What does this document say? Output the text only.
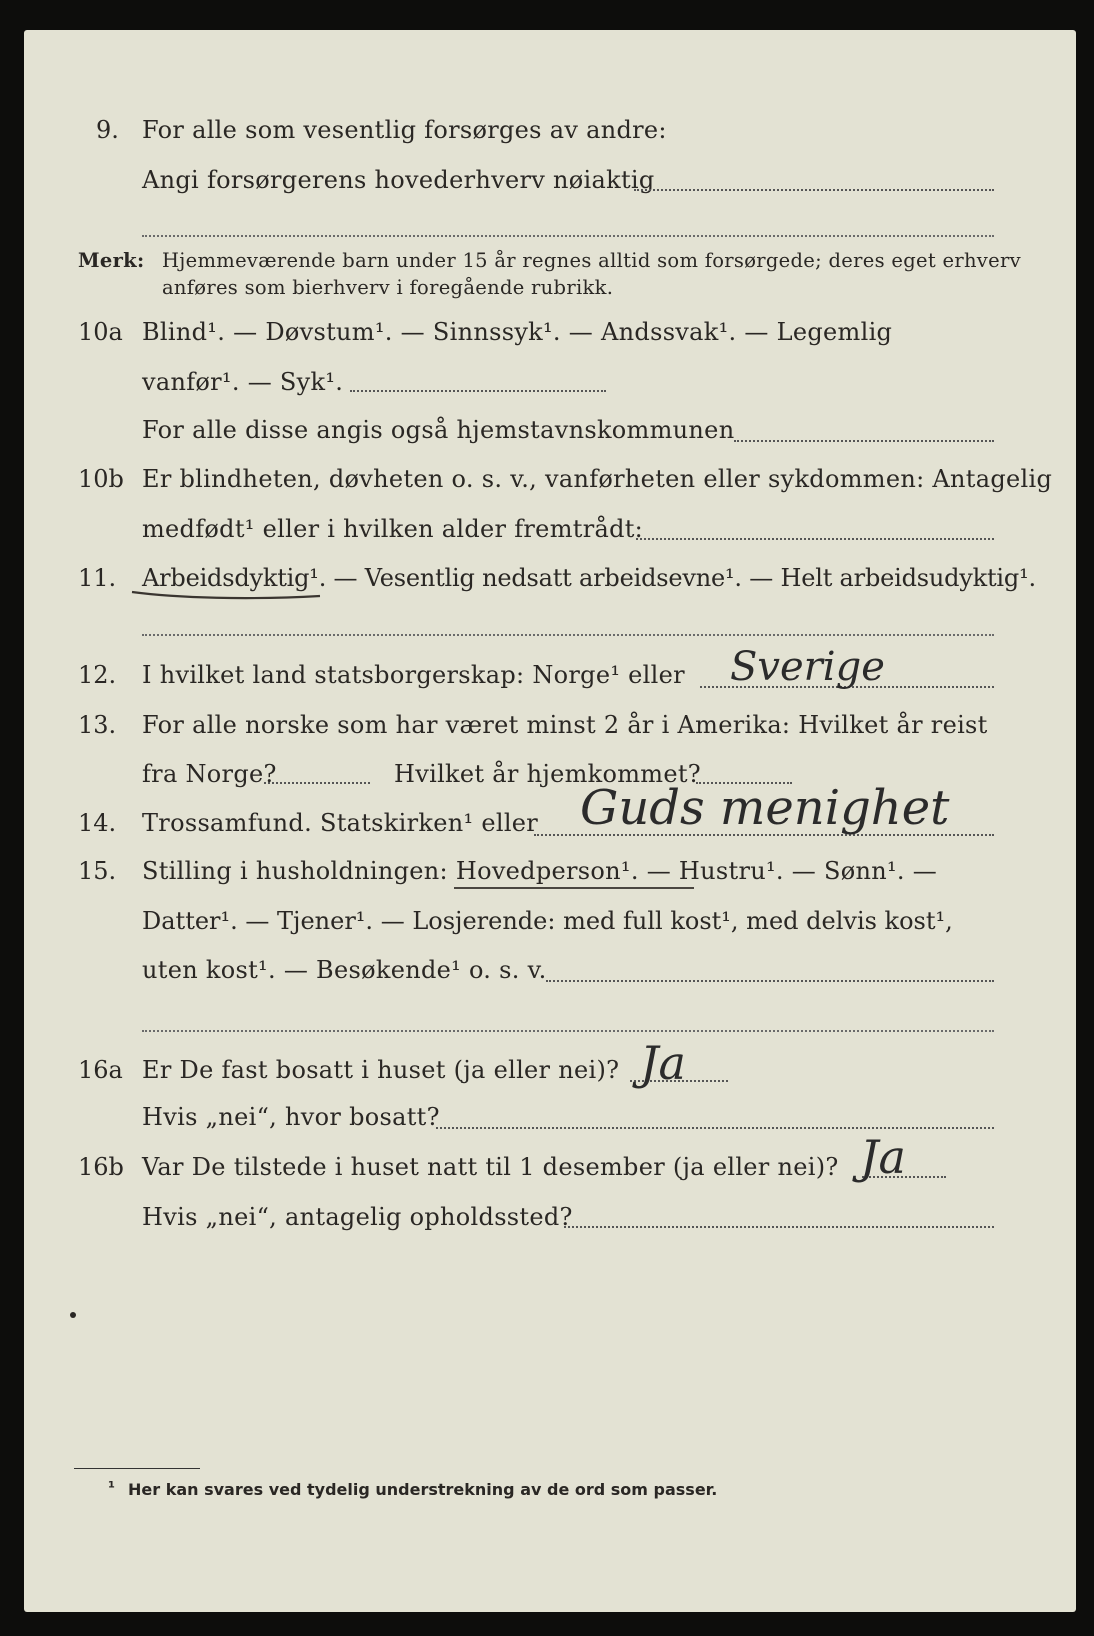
9. For alle som vesentlig forsørges av andre:
Angi forsørgerens hovederhverv nøiaktig
Merk: Hjemmeværende barn under 15 år regnes alltid som forsørgede; deres eget erhverv
anføres som bierhverv i foregående rubrikk.
10a Blind¹. — Døvstum¹. — Sinnssyk¹. — Andssvak¹. — Legemlig
vanfør¹. — Syk¹.
For alle disse angis også hjemstavnskommunen
10b Er blindheten, døvheten o. s. v., vanførheten eller sykdommen: Antagelig
medfødt¹ eller i hvilken alder fremtrådt:
11. Arbeidsdyktig¹. — Vesentlig nedsatt arbeidsevne¹. — Helt arbeidsudyktig¹.
12. I hvilket land statsborgerskap: Norge¹ eller Sverige
13. For alle norske som har været minst 2 år i Amerika: Hvilket år reist
fra Norge?	Hvilket år hjemkommet?
14. Trossamfund. Statskirken¹ eller Guds menighet
15. Stilling i husholdningen: Hovedperson¹. — Hustru¹. — Sønn¹. —
Datter¹. — Tjener¹. — Losjerende: med full kost¹, med delvis kost¹,
uten kost¹. — Besøkende¹ o. s. v.
16a Er De fast bosatt i huset (ja eller nei)? Ja
Hvis „nei“, hvor bosatt?
16b Var De tilstede i huset natt til 1 desember (ja eller nei)? Ja
Hvis „nei“, antagelig opholdssted?
¹ Her kan svares ved tydelig understrekning av de ord som passer.
